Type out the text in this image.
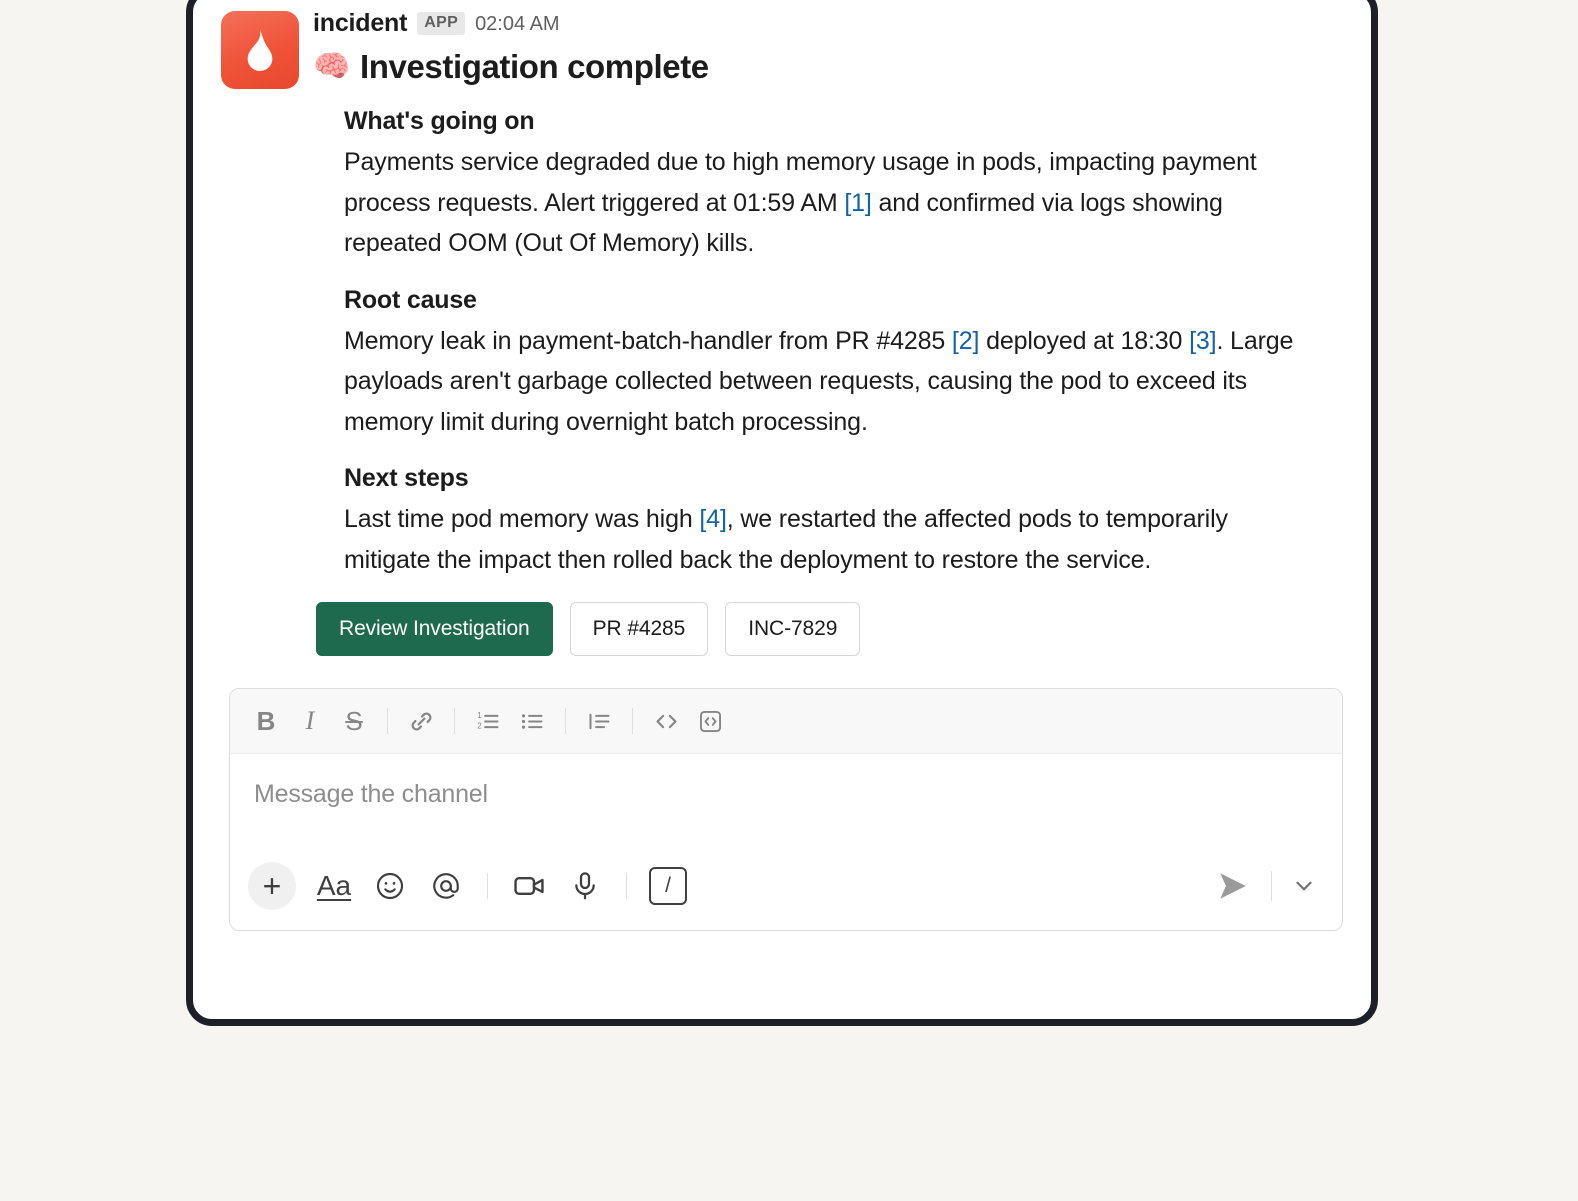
incident	APP 02:04 AM
🧠 Investigation complete
What's going on
Payments service degraded due to high memory usage in pods, impacting payment process requests. Alert triggered at 01:59 AM [1] and confirmed via logs showing repeated OOM (Out Of Memory) kills.
Root cause
Memory leak in payment-batch-handler from PR #4285 [2] deployed at 18:30 [3]. Large payloads aren't garbage collected between requests, causing the pod to exceed its memory limit during overnight batch processing.
Next steps
Last time pod memory was high [4], we restarted the affected pods to temporarily mitigate the impact then rolled back the deployment to restore the service.
Review Investigation	PR #4285	INC-7829
B I S	1
2
Message the channel
+	Aa	/
